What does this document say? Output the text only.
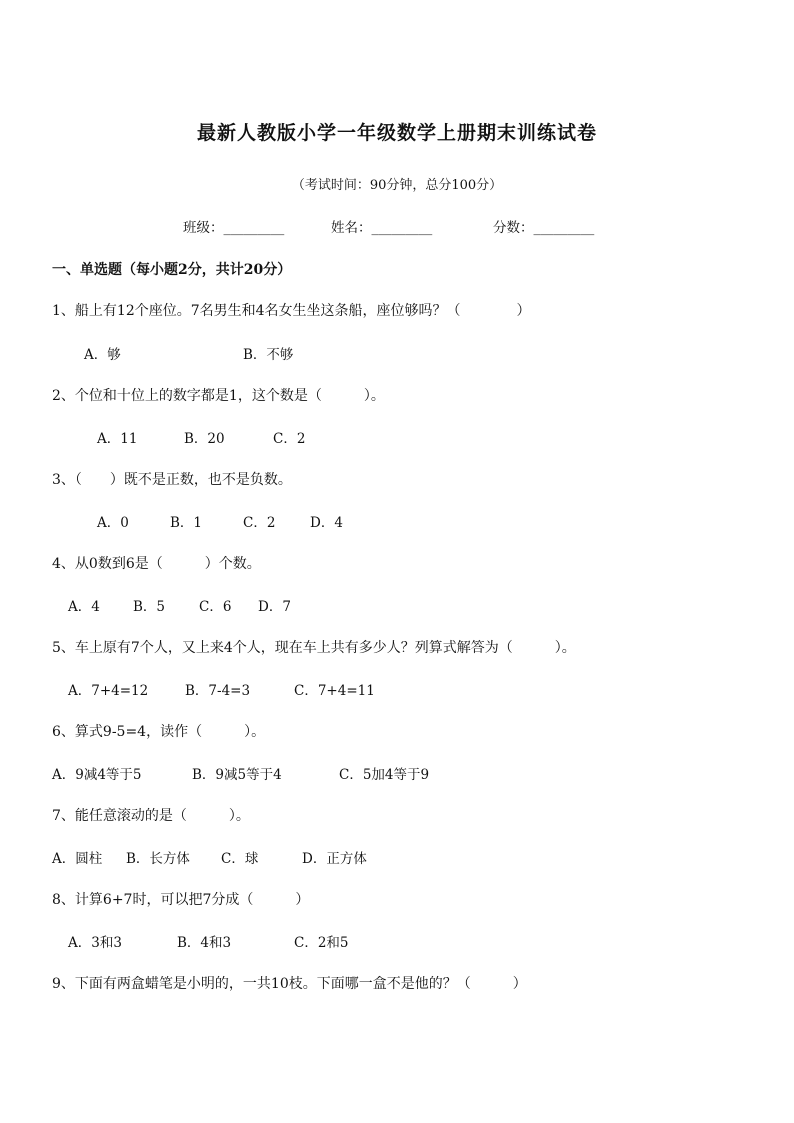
最新人教版小学一年级数学上册期末训练试卷
（考试时间：90分钟，总分100分）
班级：_________	姓名：_________	分数：_________
一、单选题（每小题2分，共计20分）
1、船上有12个座位。7名男生和4名女生坐这条船，座位够吗？（　　　　）
A．够	B．不够
2、个位和十位上的数字都是1，这个数是（　　　）。
A．11	B．20	C．2
3、（　　）既不是正数，也不是负数。
A．0	B．1	C．2	D．4
4、从0数到6是（　　　）个数。
A．4 B．5	C．6 D．7
5、车上原有7个人，又上来4个人，现在车上共有多少人？列算式解答为（　　　）。
A．7+4=12	B．7-4=3	C．7+4=11
6、算式9-5=4，读作（　　　）。
A．9减4等于5	B．9减5等于4	C．5加4等于9
7、能任意滚动的是（　　　）。
A．圆柱 B．长方体 C．球	D．正方体
8、计算6+7时，可以把7分成（　　　）
A．3和3	B．4和3	C．2和5
9、下面有两盒蜡笔是小明的，一共10枝。下面哪一盒不是他的？（　　　）
